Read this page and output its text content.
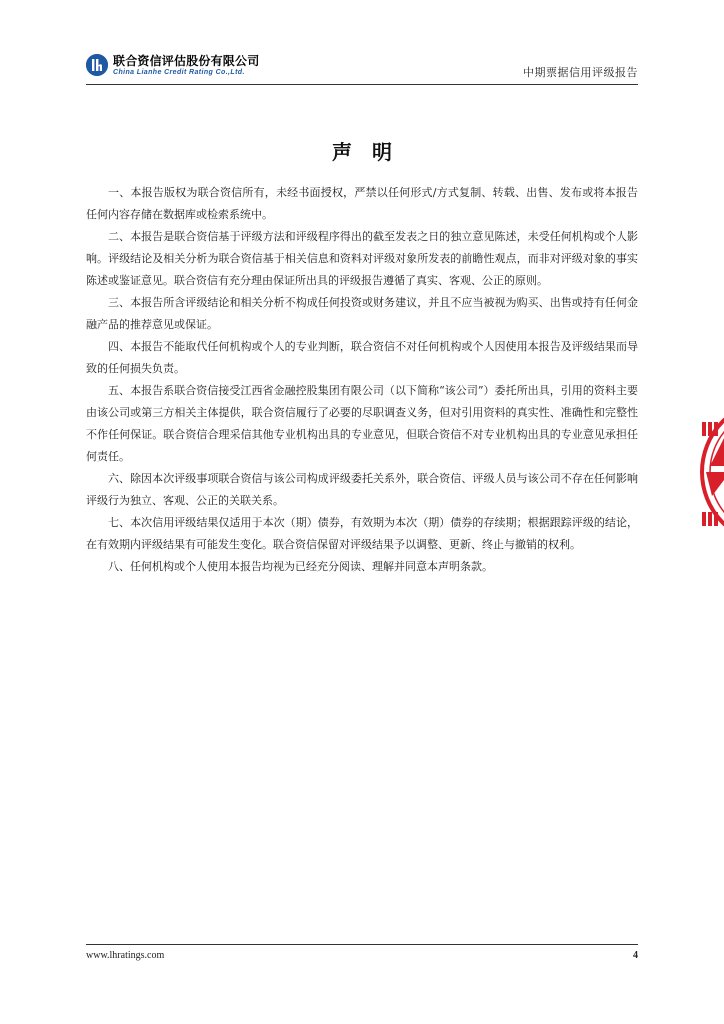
联合资信评估股份有限公司
China Lianhe Credit Rating Co.,Ltd.	中期票据信用评级报告
声明

一、本报告版权为联合资信所有，未经书面授权，严禁以任何形式/方式复制、转载、出售、发布或将本报告任何内容存储在数据库或检索系统中。

二、本报告是联合资信基于评级方法和评级程序得出的截至发表之日的独立意见陈述，未受任何机构或个人影响。评级结论及相关分析为联合资信基于相关信息和资料对评级对象所发表的前瞻性观点，而非对评级对象的事实陈述或鉴证意见。联合资信有充分理由保证所出具的评级报告遵循了真实、客观、公正的原则。

三、本报告所含评级结论和相关分析不构成任何投资或财务建议，并且不应当被视为购买、出售或持有任何金融产品的推荐意见或保证。

四、本报告不能取代任何机构或个人的专业判断，联合资信不对任何机构或个人因使用本报告及评级结果而导致的任何损失负责。

五、本报告系联合资信接受江西省金融控股集团有限公司（以下简称“该公司”）委托所出具，引用的资料主要由该公司或第三方相关主体提供，联合资信履行了必要的尽职调查义务，但对引用资料的真实性、准确性和完整性不作任何保证。联合资信合理采信其他专业机构出具的专业意见，但联合资信不对专业机构出具的专业意见承担任何责任。

六、除因本次评级事项联合资信与该公司构成评级委托关系外，联合资信、评级人员与该公司不存在任何影响评级行为独立、客观、公正的关联关系。

七、本次信用评级结果仅适用于本次（期）债券，有效期为本次（期）债券的存续期；根据跟踪评级的结论，在有效期内评级结果有可能发生变化。联合资信保留对评级结果予以调整、更新、终止与撤销的权利。

八、任何机构或个人使用本报告均视为已经充分阅读、理解并同意本声明条款。

www.lhratings.com	4
